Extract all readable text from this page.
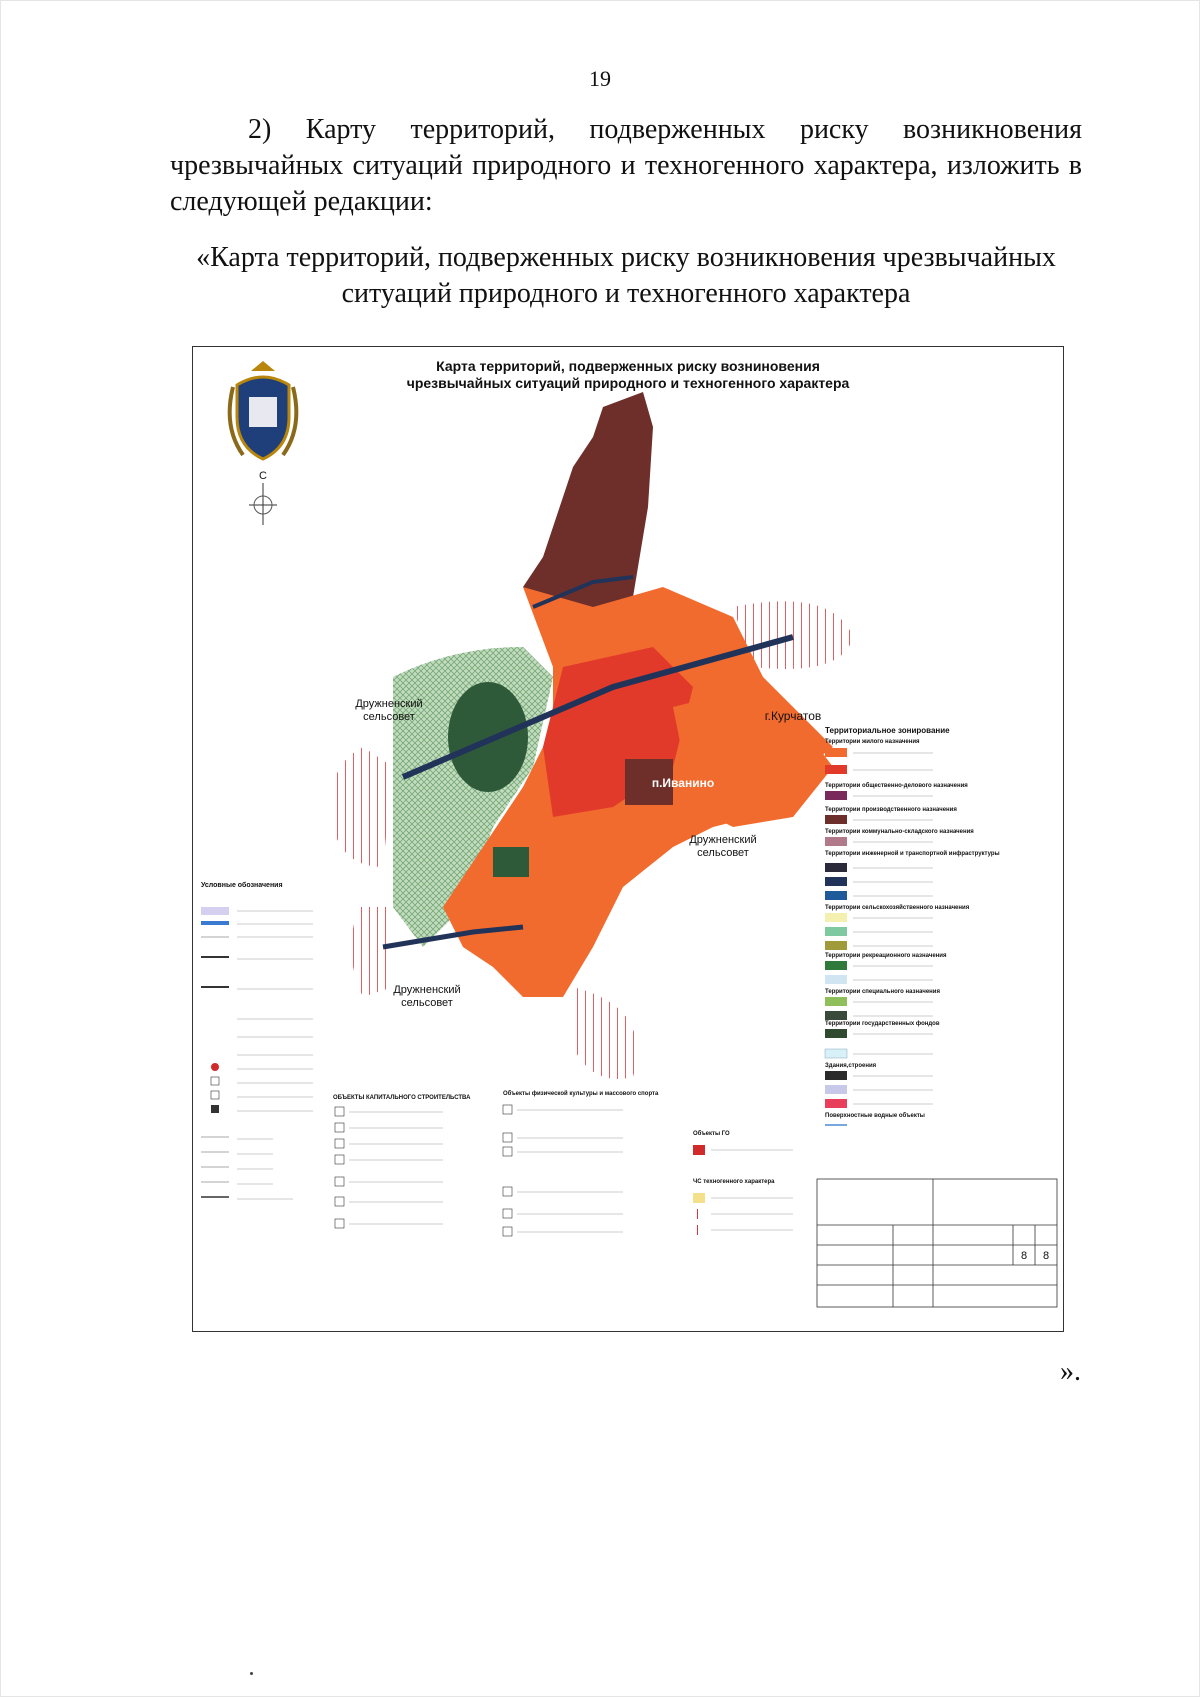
19
2) Карту территорий, подверженных риску возникновения чрезвычайных ситуаций природного и техногенного характера, изложить в следующей редакции:
«Карта территорий, подверженных риску возникновения чрезвычайных
ситуаций природного и техногенного характера
Карта территорий, подверженных риску возниновения
чрезвычайных ситуаций природного и техногенного характера
С
Дружненский
сельсовет
Дружненский
сельсовет
Дружненский
сельсовет
г.Курчатов
п.Иванино
Территориальное зонирование
Территории жилого назначения
Территории общественно-делового назначения
Территории производственного назначения
Территории коммунально-складского назначения
Территории инженерной и транспортной инфраструктуры
Территории сельскохозяйственного назначения
Территории рекреационного назначения
Территории специального назначения
Территории государственных фондов
Здания,строения
Поверхностные водные объекты
Условные обозначения
ОБЪЕКТЫ КАПИТАЛЬНОГО СТРОИТЕЛЬСТВА
Объекты физической культуры и массового спорта
Объекты ГО
ЧС техногенного характера
8 8
».
